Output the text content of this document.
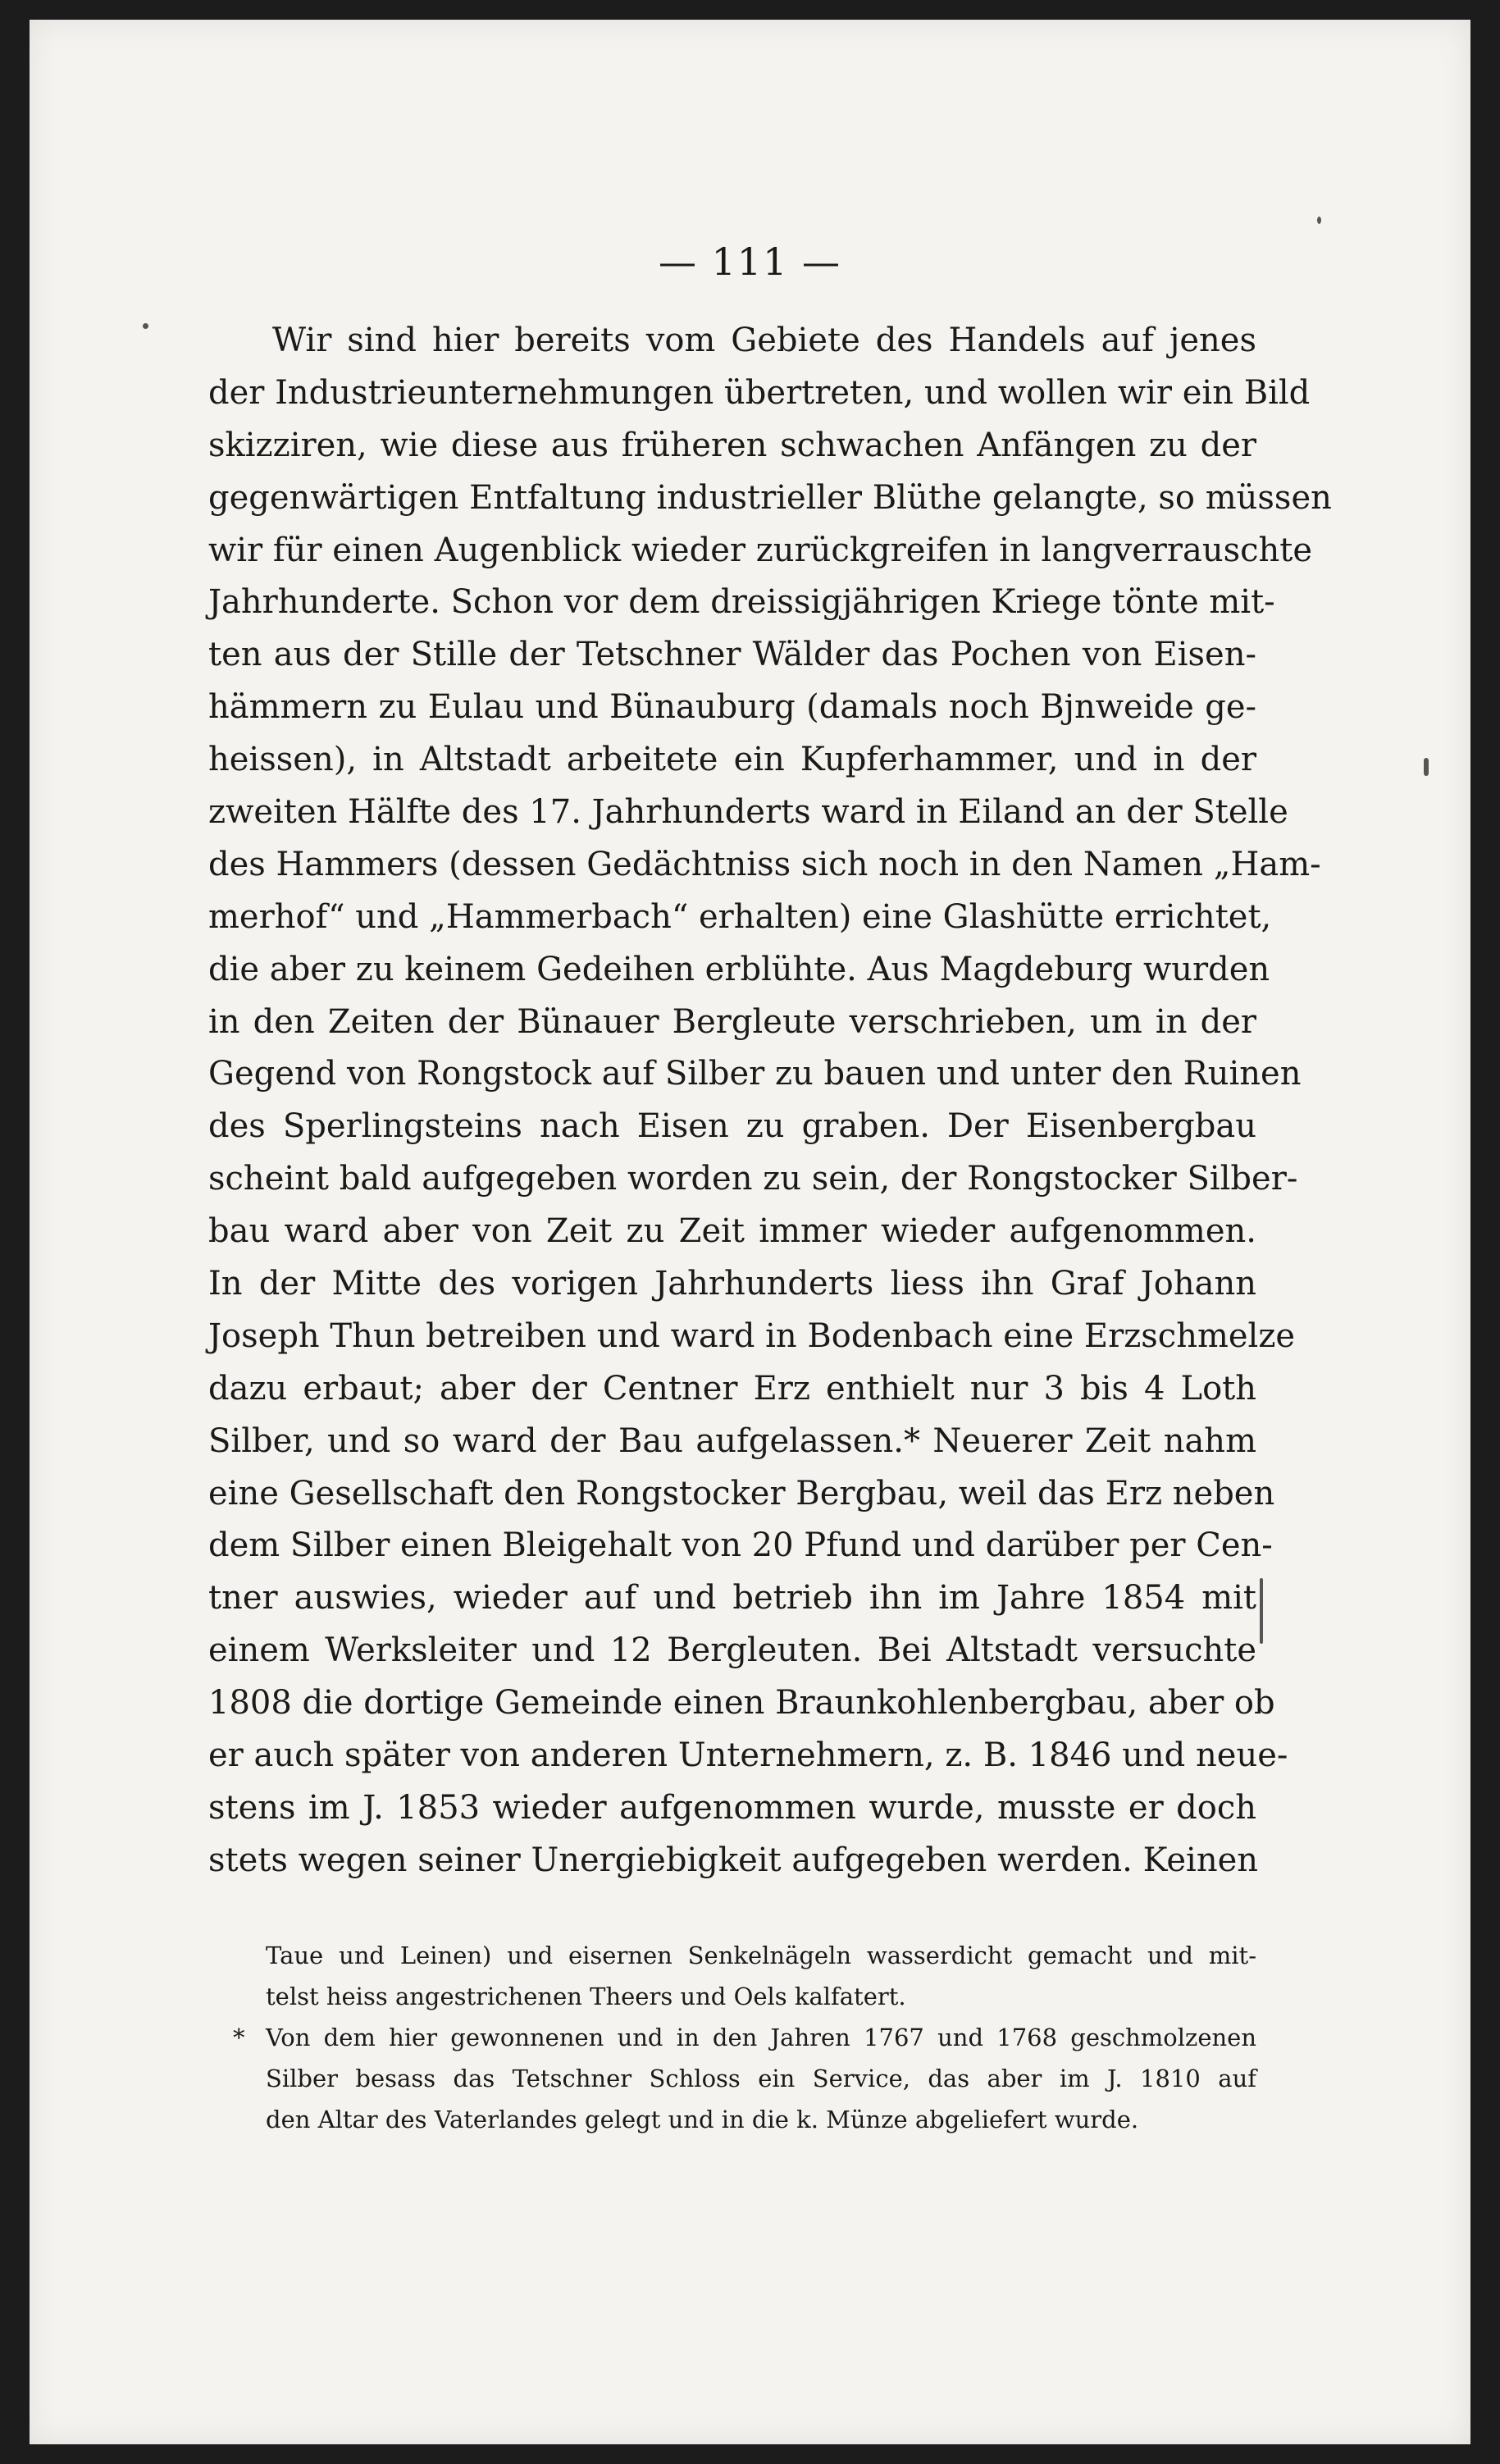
— 111 —
Wir sind hier bereits vom Gebiete des Handels auf jenes
der Industrieunternehmungen übertreten, und wollen wir ein Bild
skizziren, wie diese aus früheren schwachen Anfängen zu der
gegenwärtigen Entfaltung industrieller Blüthe gelangte, so müssen
wir für einen Augenblick wieder zurückgreifen in langverrauschte
Jahrhunderte. Schon vor dem dreissigjährigen Kriege tönte mit-
ten aus der Stille der Tetschner Wälder das Pochen von Eisen-
hämmern zu Eulau und Bünauburg (damals noch Bjnweide ge-
heissen), in Altstadt arbeitete ein Kupferhammer, und in der
zweiten Hälfte des 17. Jahrhunderts ward in Eiland an der Stelle
des Hammers (dessen Gedächtniss sich noch in den Namen „Ham-
merhof“ und „Hammerbach“ erhalten) eine Glashütte errichtet,
die aber zu keinem Gedeihen erblühte. Aus Magdeburg wurden
in den Zeiten der Bünauer Bergleute verschrieben, um in der
Gegend von Rongstock auf Silber zu bauen und unter den Ruinen
des Sperlingsteins nach Eisen zu graben. Der Eisenbergbau
scheint bald aufgegeben worden zu sein, der Rongstocker Silber-
bau ward aber von Zeit zu Zeit immer wieder aufgenommen.
In der Mitte des vorigen Jahrhunderts liess ihn Graf Johann
Joseph Thun betreiben und ward in Bodenbach eine Erzschmelze
dazu erbaut; aber der Centner Erz enthielt nur 3 bis 4 Loth
Silber, und so ward der Bau aufgelassen.* Neuerer Zeit nahm
eine Gesellschaft den Rongstocker Bergbau, weil das Erz neben
dem Silber einen Bleigehalt von 20 Pfund und darüber per Cen-
tner auswies, wieder auf und betrieb ihn im Jahre 1854 mit
einem Werksleiter und 12 Bergleuten. Bei Altstadt versuchte
1808 die dortige Gemeinde einen Braunkohlenbergbau, aber ob
er auch später von anderen Unternehmern, z. B. 1846 und neue-
stens im J. 1853 wieder aufgenommen wurde, musste er doch
stets wegen seiner Unergiebigkeit aufgegeben werden. Keinen
Taue und Leinen) und eisernen Senkelnägeln wasserdicht gemacht und mit-
telst heiss angestrichenen Theers und Oels kalfatert.
* Von dem hier gewonnenen und in den Jahren 1767 und 1768 geschmolzenen
Silber besass das Tetschner Schloss ein Service, das aber im J. 1810 auf
den Altar des Vaterlandes gelegt und in die k. Münze abgeliefert wurde.
